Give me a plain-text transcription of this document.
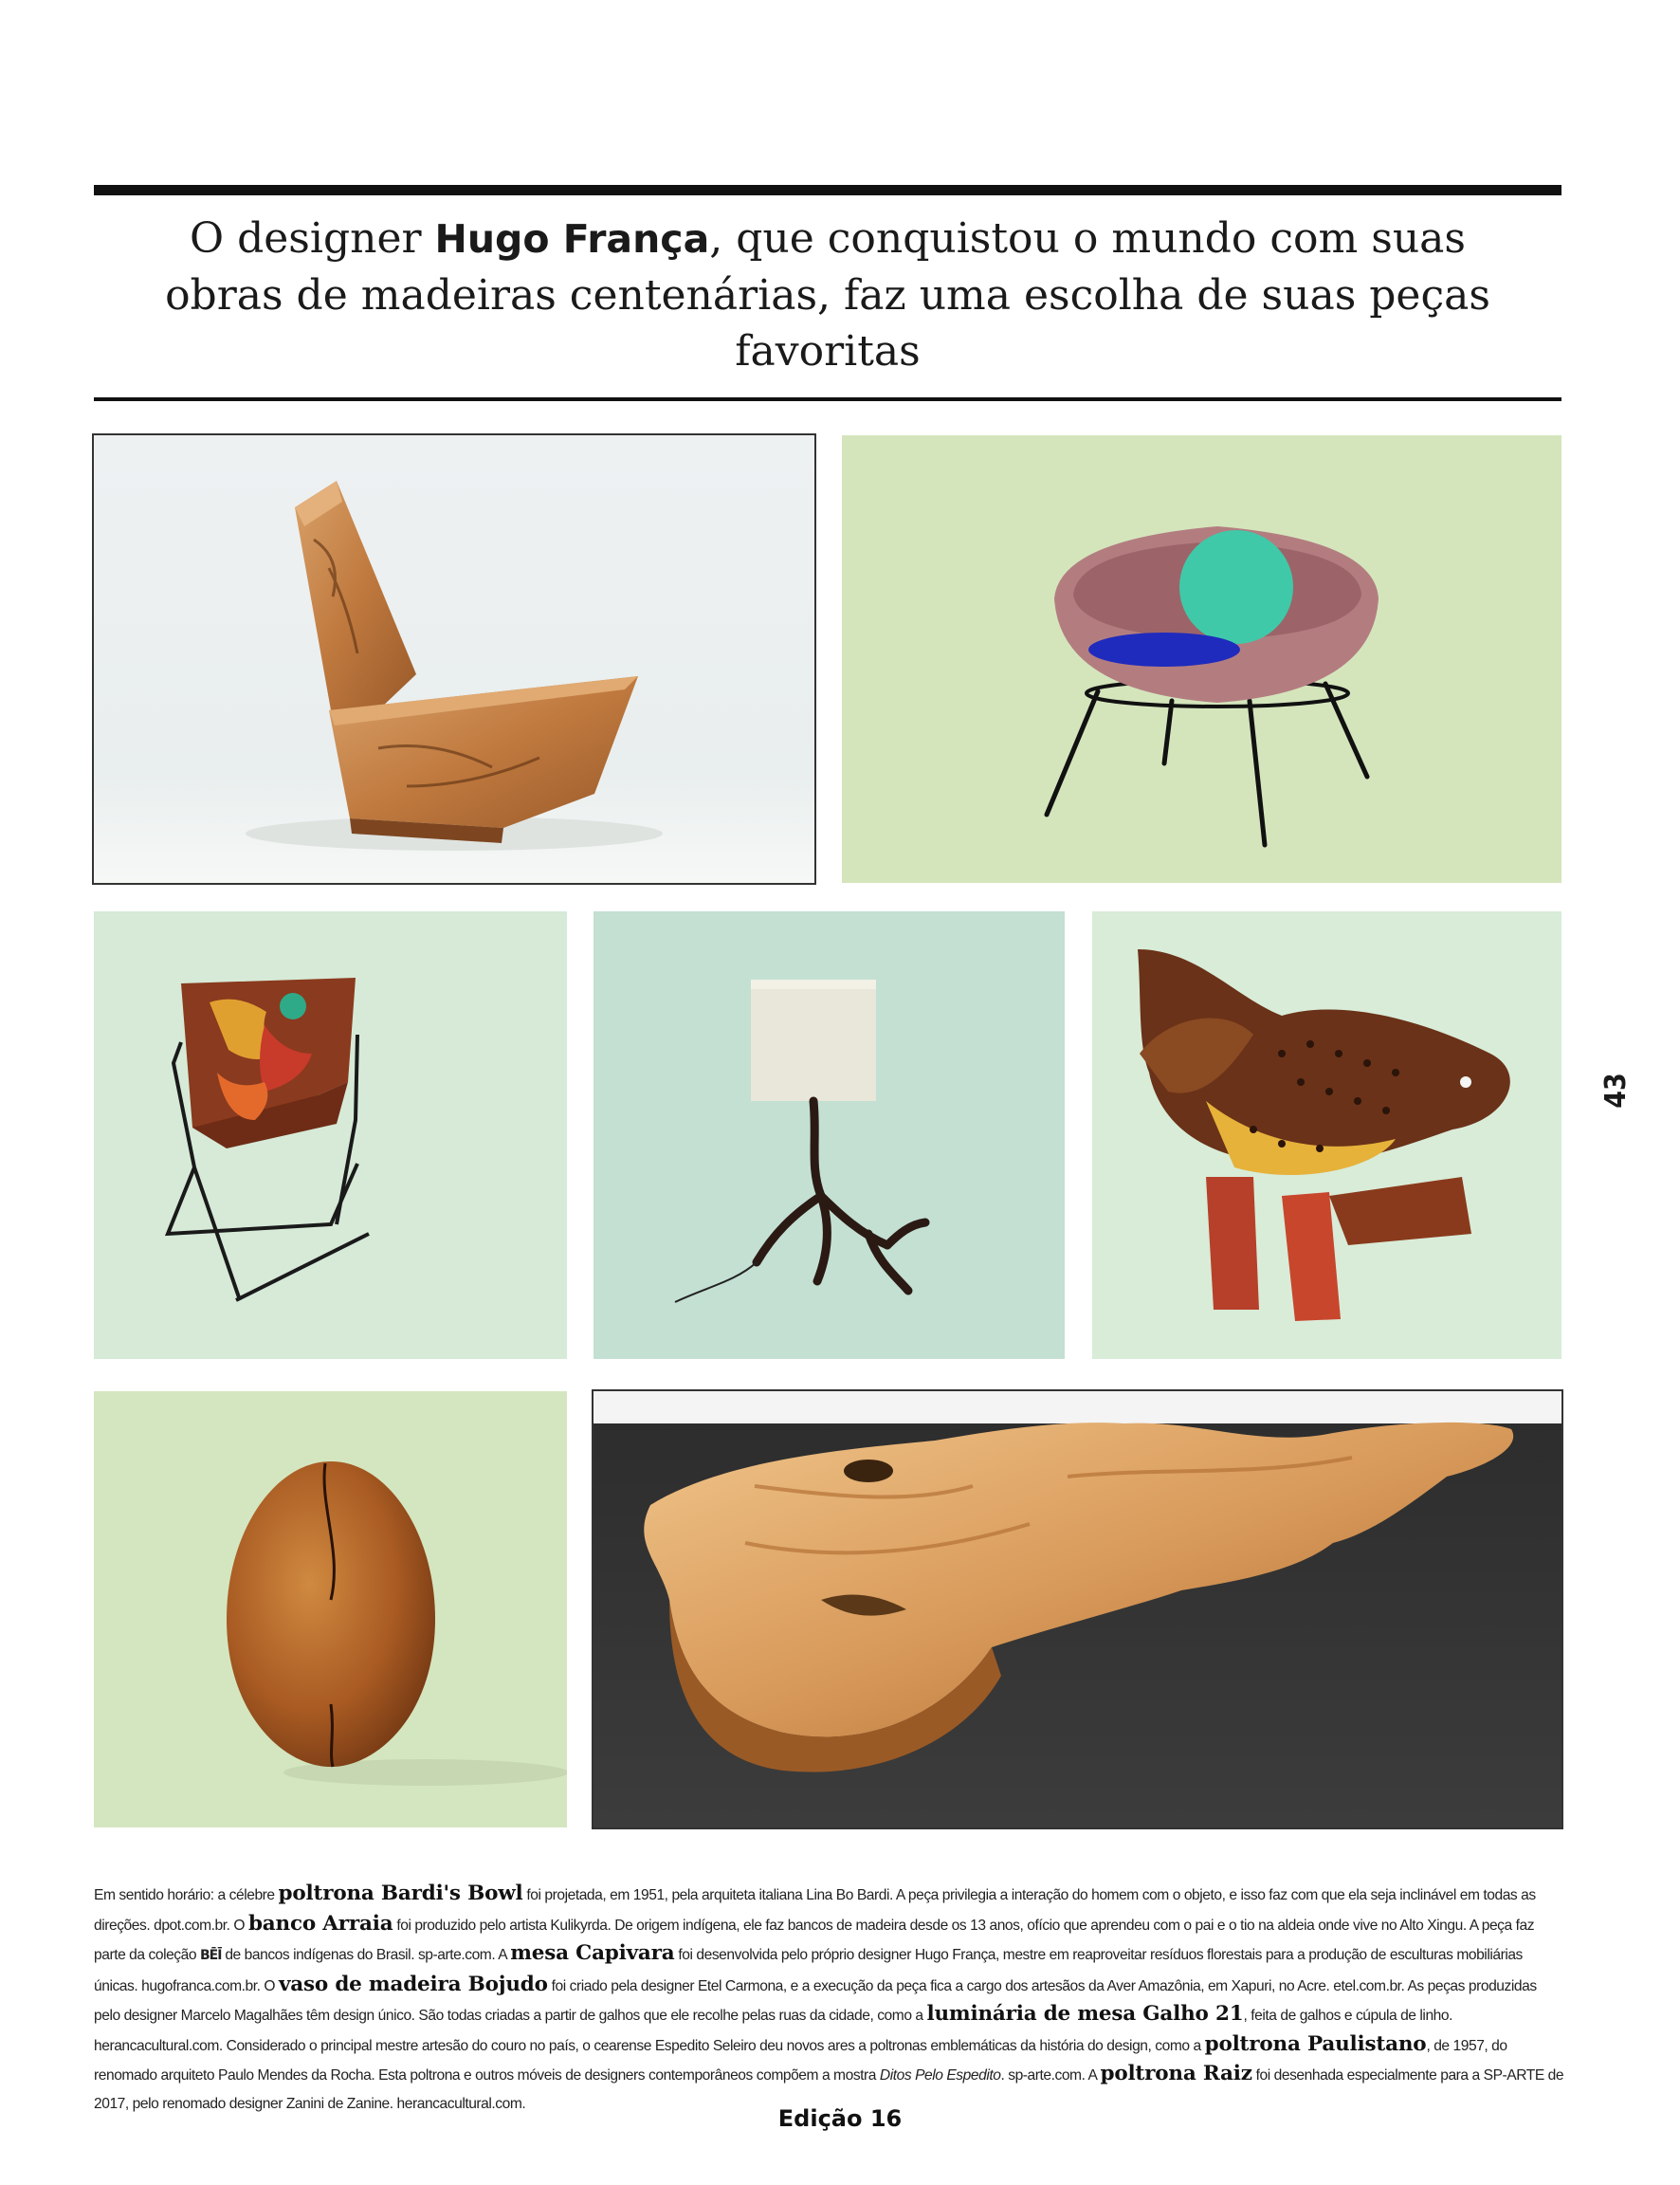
O designer Hugo França, que conquistou o mundo com suas obras de madeiras centenárias, faz uma escolha de suas peças favoritas
43

Em sentido horário: a célebre poltrona Bardi's Bowl foi projetada, em 1951, pela arquiteta italiana Lina Bo Bardi. A peça privilegia a interação do homem com o objeto, e isso faz com que ela seja inclinável em todas as direções. dpot.com.br. O banco Arraia foi produzido pelo artista Kulikyrda. De origem indígena, ele faz bancos de madeira desde os 13 anos, ofício que aprendeu com o pai e o tio na aldeia onde vive no Alto Xingu. A peça faz parte da coleção BĒĪ de bancos indígenas do Brasil. sp-arte.com. A mesa Capivara foi desenvolvida pelo próprio designer Hugo França, mestre em reaproveitar resíduos florestais para a produção de esculturas mobiliárias únicas. hugofranca.com.br. O vaso de madeira Bojudo foi criado pela designer Etel Carmona, e a execução da peça fica a cargo dos artesãos da Aver Amazônia, em Xapuri, no Acre. etel.com.br. As peças produzidas pelo designer Marcelo Magalhães têm design único. São todas criadas a partir de galhos que ele recolhe pelas ruas da cidade, como a luminária de mesa Galho 21, feita de galhos e cúpula de linho. herancacultural.com. Considerado o principal mestre artesão do couro no país, o cearense Espedito Seleiro deu novos ares a poltronas emblemáticas da história do design, como a poltrona Paulistano, de 1957, do renomado arquiteto Paulo Mendes da Rocha. Esta poltrona e outros móveis de designers contemporâneos compõem a mostra Ditos Pelo Espedito. sp-arte.com. A poltrona Raiz foi desenhada especialmente para a SP-ARTE de 2017, pelo renomado designer Zanini de Zanine. herancacultural.com.

Edição 16
